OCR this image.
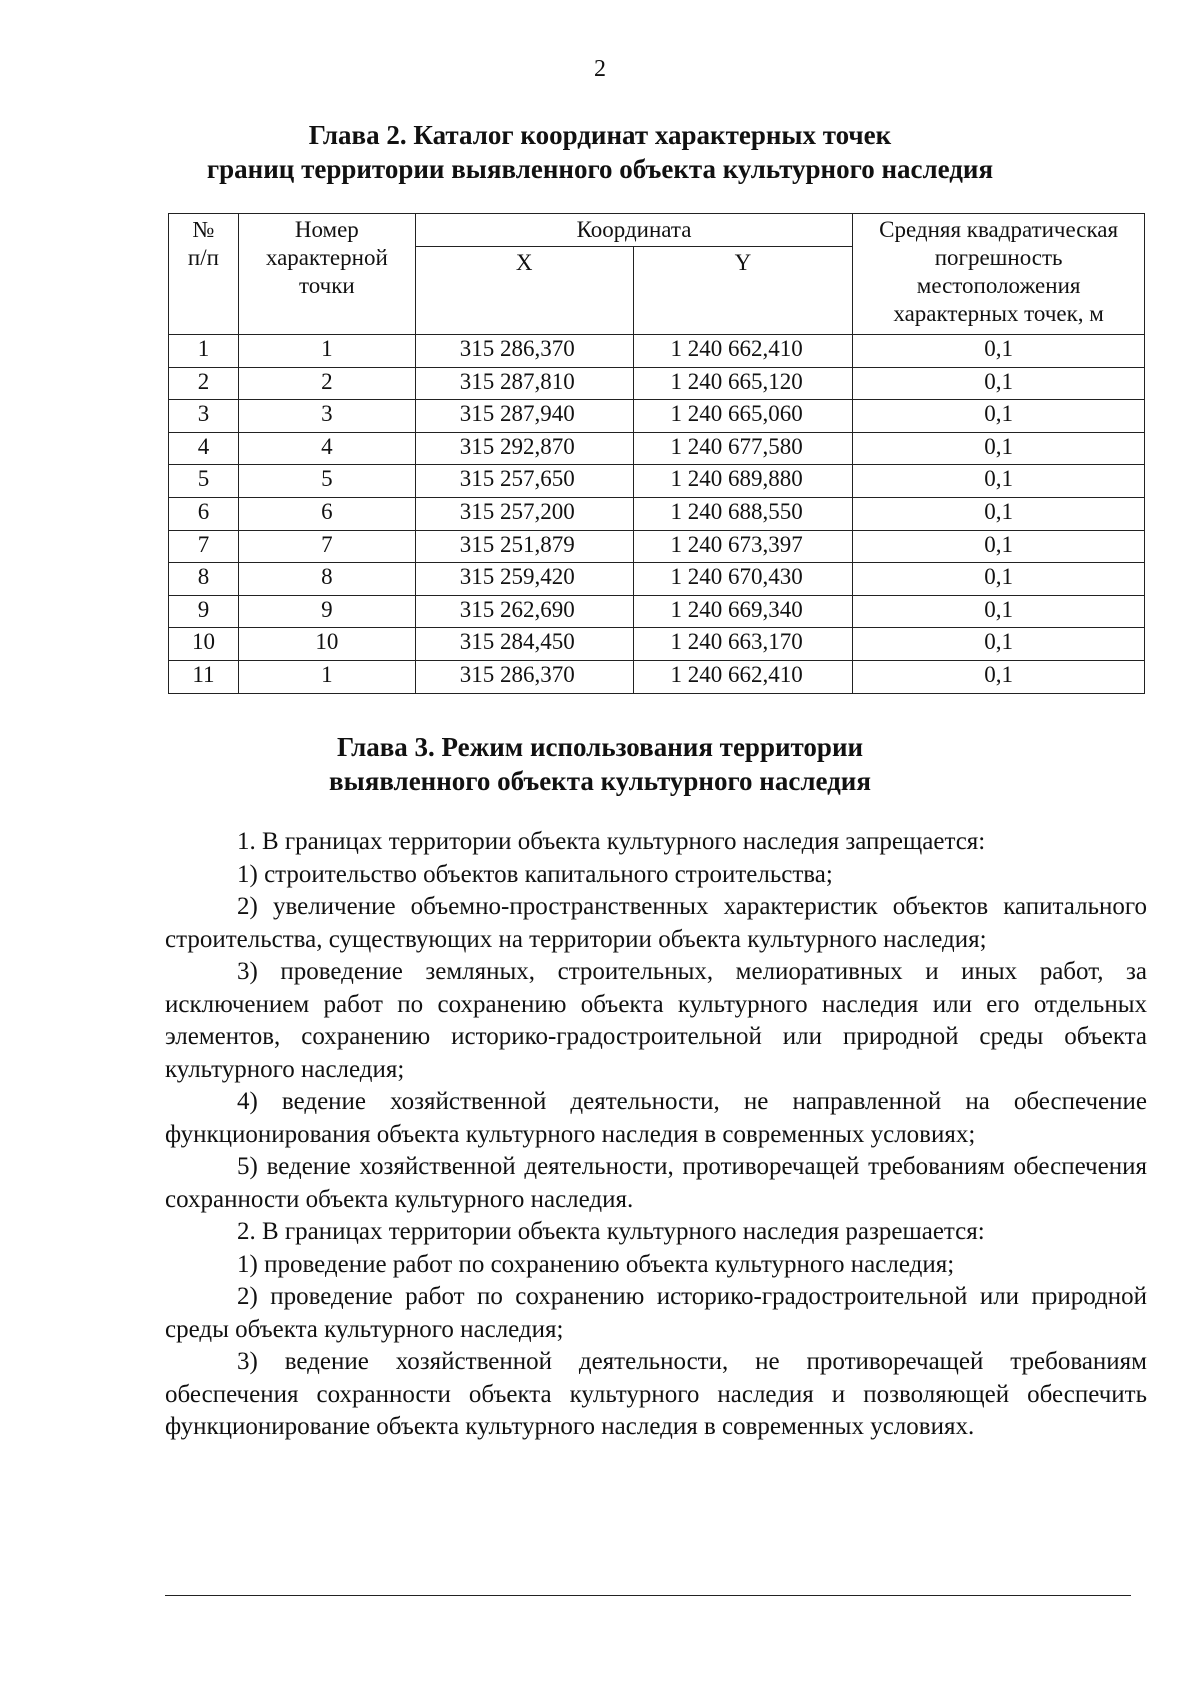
2
Глава 2. Каталог координат характерных точек
границ территории выявленного объекта культурного наследия
№
п/п	Номер характерной точки	Координата		Средняя квадратическая погрешность местоположения характерных точек, м
		X	Y	
1	1	315 286,370	1 240 662,410	0,1
2	2	315 287,810	1 240 665,120	0,1
3	3	315 287,940	1 240 665,060	0,1
4	4	315 292,870	1 240 677,580	0,1
5	5	315 257,650	1 240 689,880	0,1
6	6	315 257,200	1 240 688,550	0,1
7	7	315 251,879	1 240 673,397	0,1
8	8	315 259,420	1 240 670,430	0,1
9	9	315 262,690	1 240 669,340	0,1
10	10	315 284,450	1 240 663,170	0,1
11	1	315 286,370	1 240 662,410	0,1
Глава 3. Режим использования территории
выявленного объекта культурного наследия

1. В границах территории объекта культурного наследия запрещается:

1) строительство объектов капитального строительства;

2) увеличение объемно-пространственных характеристик объектов капитального строительства, существующих на территории объекта культурного наследия;

3) проведение земляных, строительных, мелиоративных и иных работ, за исключением работ по сохранению объекта культурного наследия или его отдельных элементов, сохранению историко-градостроительной или природной среды объекта культурного наследия;

4) ведение хозяйственной деятельности, не направленной на обеспечение функционирования объекта культурного наследия в современных условиях;

5) ведение хозяйственной деятельности, противоречащей требованиям обеспечения сохранности объекта культурного наследия.

2. В границах территории объекта культурного наследия разрешается:

1) проведение работ по сохранению объекта культурного наследия;

2) проведение работ по сохранению историко-градостроительной или природной среды объекта культурного наследия;

3) ведение хозяйственной деятельности, не противоречащей требованиям обеспечения сохранности объекта культурного наследия и позволяющей обеспечить функционирование объекта культурного наследия в современных условиях.
